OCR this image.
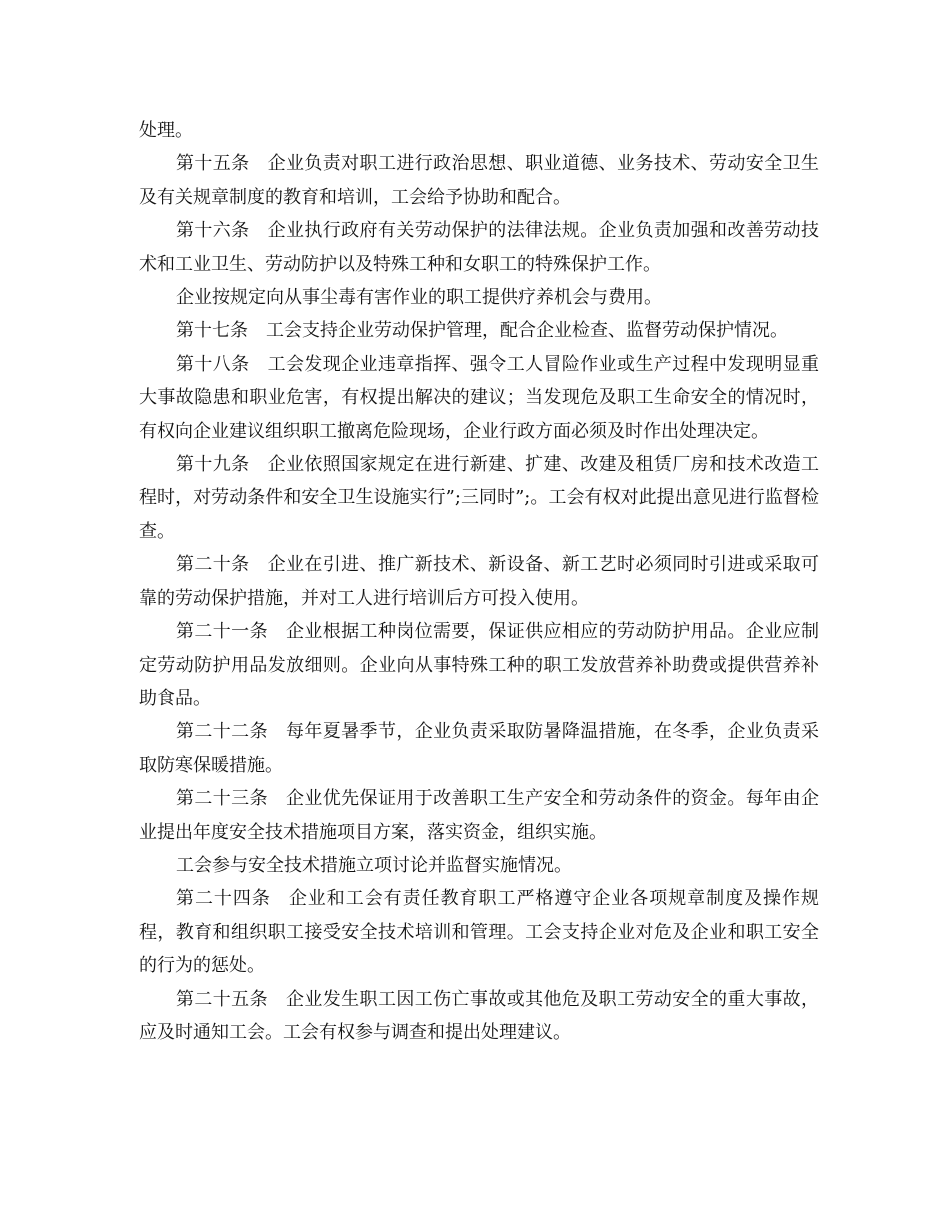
处理。

第十五条 企业负责对职工进行政治思想、职业道德、业务技术、劳动安全卫生及有关规章制度的教育和培训，工会给予协助和配合。

第十六条 企业执行政府有关劳动保护的法律法规。企业负责加强和改善劳动技术和工业卫生、劳动防护以及特殊工种和女职工的特殊保护工作。

企业按规定向从事尘毒有害作业的职工提供疗养机会与费用。

第十七条 工会支持企业劳动保护管理，配合企业检查、监督劳动保护情况。

第十八条 工会发现企业违章指挥、强令工人冒险作业或生产过程中发现明显重大事故隐患和职业危害，有权提出解决的建议；当发现危及职工生命安全的情况时，有权向企业建议组织职工撤离危险现场，企业行政方面必须及时作出处理决定。

第十九条 企业依照国家规定在进行新建、扩建、改建及租赁厂房和技术改造工程时，对劳动条件和安全卫生设施实行”;三同时”;。工会有权对此提出意见进行监督检查。

第二十条 企业在引进、推广新技术、新设备、新工艺时必须同时引进或采取可靠的劳动保护措施，并对工人进行培训后方可投入使用。

第二十一条 企业根据工种岗位需要，保证供应相应的劳动防护用品。企业应制定劳动防护用品发放细则。企业向从事特殊工种的职工发放营养补助费或提供营养补助食品。

第二十二条 每年夏暑季节，企业负责采取防暑降温措施，在冬季，企业负责采取防寒保暖措施。

第二十三条 企业优先保证用于改善职工生产安全和劳动条件的资金。每年由企业提出年度安全技术措施项目方案，落实资金，组织实施。

工会参与安全技术措施立项讨论并监督实施情况。

第二十四条 企业和工会有责任教育职工严格遵守企业各项规章制度及操作规程，教育和组织职工接受安全技术培训和管理。工会支持企业对危及企业和职工安全的行为的惩处。

第二十五条 企业发生职工因工伤亡事故或其他危及职工劳动安全的重大事故，应及时通知工会。工会有权参与调查和提出处理建议。
